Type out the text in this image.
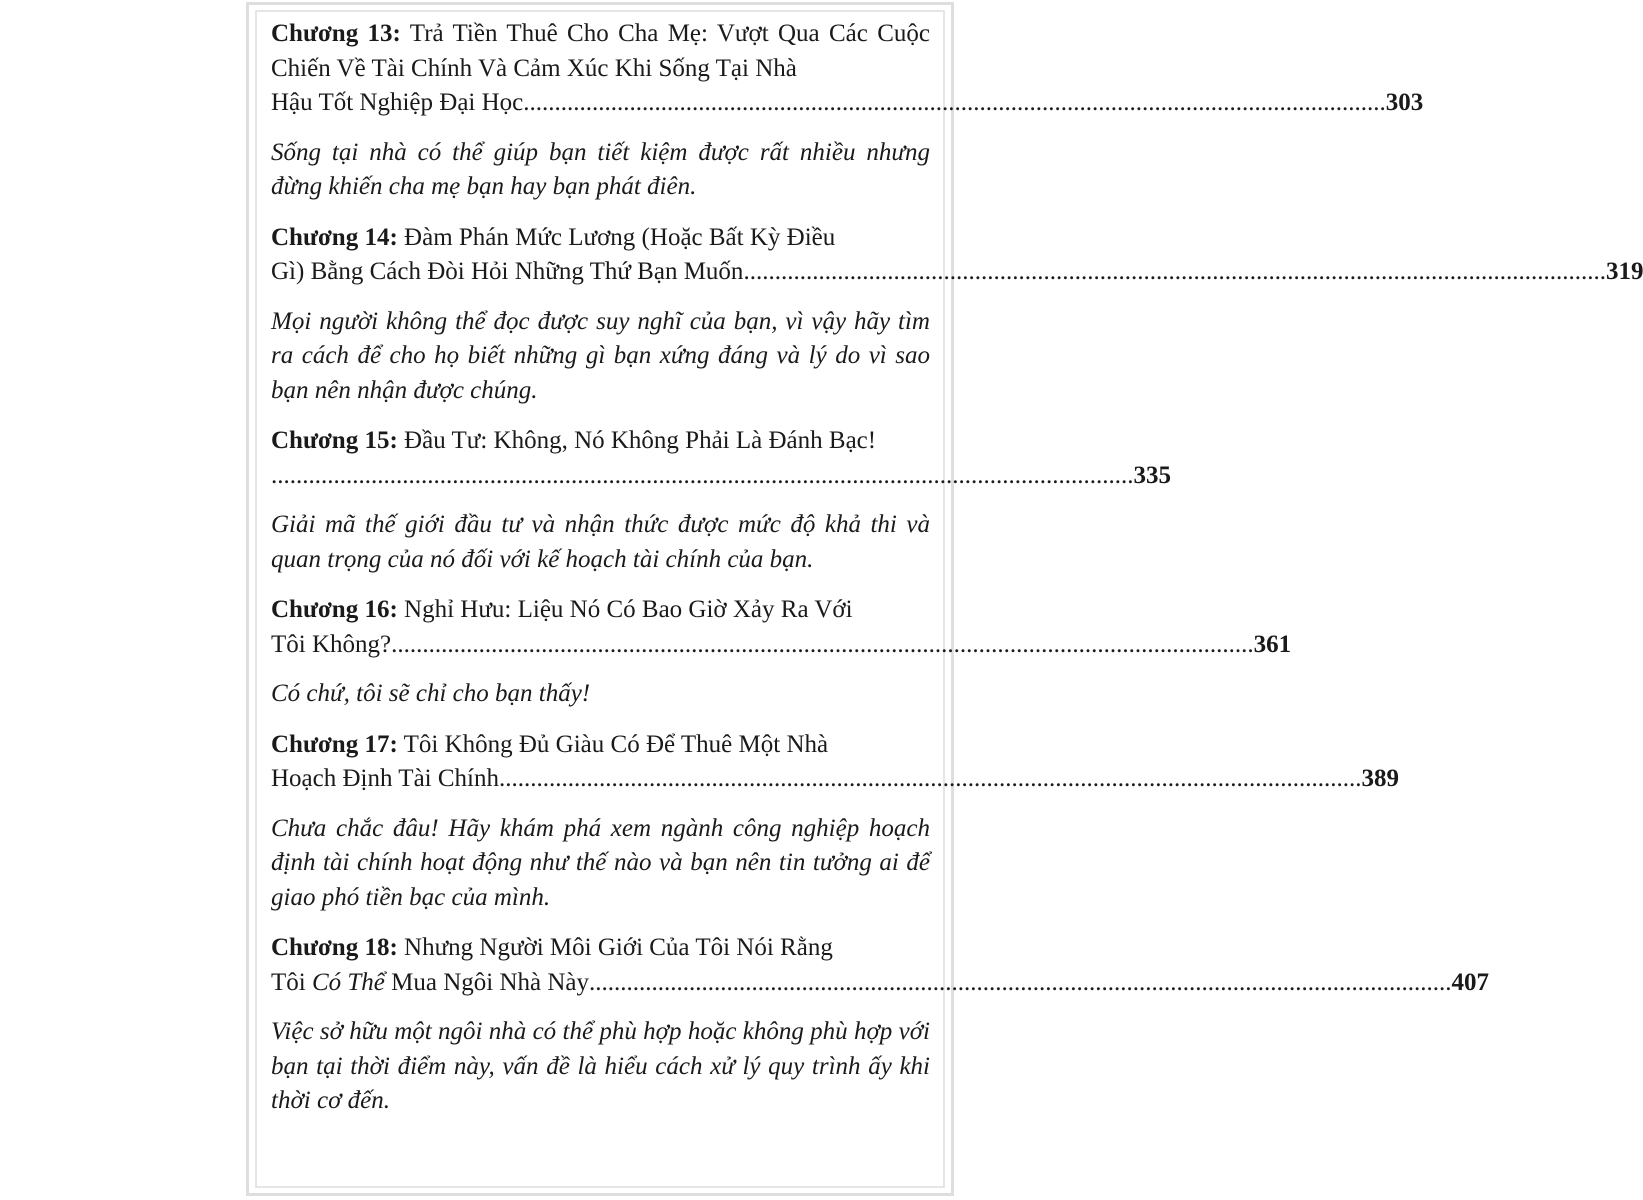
Chương 13: Trả Tiền Thuê Cho Cha Mẹ: Vượt Qua Các Cuộc Chiến Về Tài Chính Và Cảm Xúc Khi Sống Tại Nhà
Hậu Tốt Nghiệp Đại Học .......................................................................................................................................... 303
Sống tại nhà có thể giúp bạn tiết kiệm được rất nhiều nhưng đừng khiến cha mẹ bạn hay bạn phát điên.
Chương 14: Đàm Phán Mức Lương (Hoặc Bất Kỳ Điều
Gì) Bằng Cách Đòi Hỏi Những Thứ Bạn Muốn .......................................................................................................................................... 319
Mọi người không thể đọc được suy nghĩ của bạn, vì vậy hãy tìm ra cách để cho họ biết những gì bạn xứng đáng và lý do vì sao bạn nên nhận được chúng.
Chương 15: Đầu Tư: Không, Nó Không Phải Là Đánh Bạc!
.......................................................................................................................................... 335
Giải mã thế giới đầu tư và nhận thức được mức độ khả thi và quan trọng của nó đối với kế hoạch tài chính của bạn.
Chương 16: Nghỉ Hưu: Liệu Nó Có Bao Giờ Xảy Ra Với
Tôi Không? .......................................................................................................................................... 361
Có chứ, tôi sẽ chỉ cho bạn thấy!
Chương 17: Tôi Không Đủ Giàu Có Để Thuê Một Nhà
Hoạch Định Tài Chính .......................................................................................................................................... 389
Chưa chắc đâu! Hãy khám phá xem ngành công nghiệp hoạch định tài chính hoạt động như thế nào và bạn nên tin tưởng ai để giao phó tiền bạc của mình.
Chương 18: Nhưng Người Môi Giới Của Tôi Nói Rằng
Tôi Có Thể Mua Ngôi Nhà Này .......................................................................................................................................... 407
Việc sở hữu một ngôi nhà có thể phù hợp hoặc không phù hợp với bạn tại thời điểm này, vấn đề là hiểu cách xử lý quy trình ấy khi thời cơ đến.
